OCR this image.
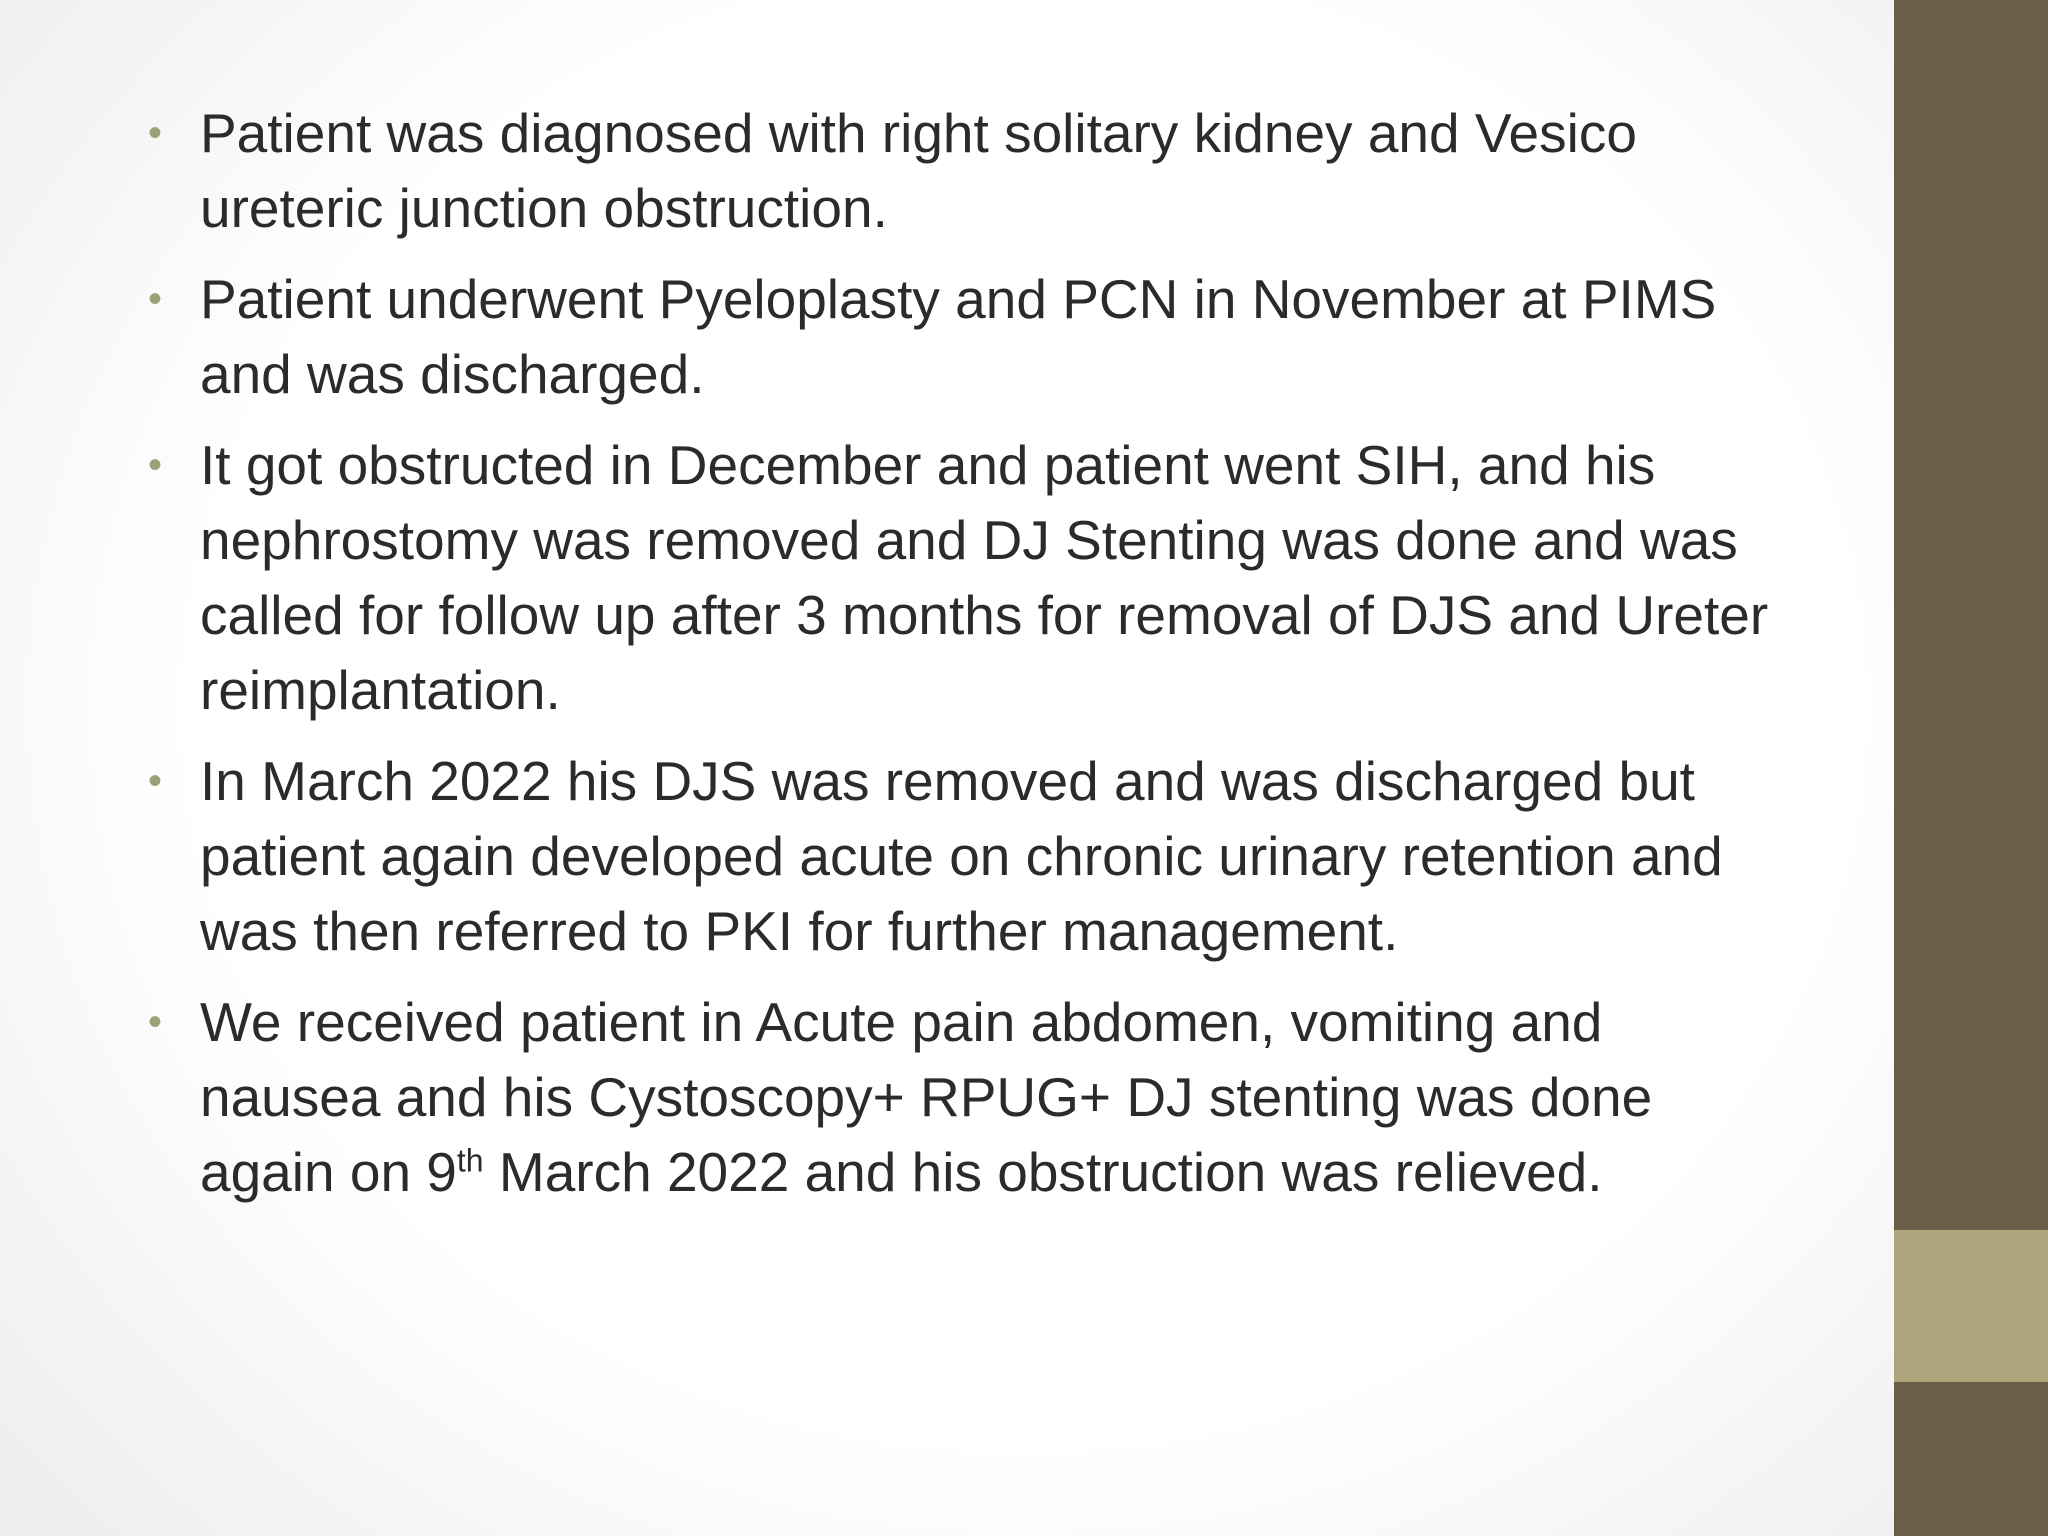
• Patient was diagnosed with right solitary kidney and Vesico ureteric junction obstruction.
• Patient underwent Pyeloplasty and PCN in November at PIMS and was discharged.
• It got obstructed in December and patient went SIH, and his nephrostomy was removed and DJ Stenting was done and was called for follow up after 3 months for removal of DJS and Ureter reimplantation.
• In March 2022 his DJS was removed and was discharged but patient again developed acute on chronic urinary retention and was then referred to PKI for further management.
• We received patient in Acute pain abdomen, vomiting and nausea and his Cystoscopy+ RPUG+ DJ stenting was done again on 9th March 2022 and his obstruction was relieved.
